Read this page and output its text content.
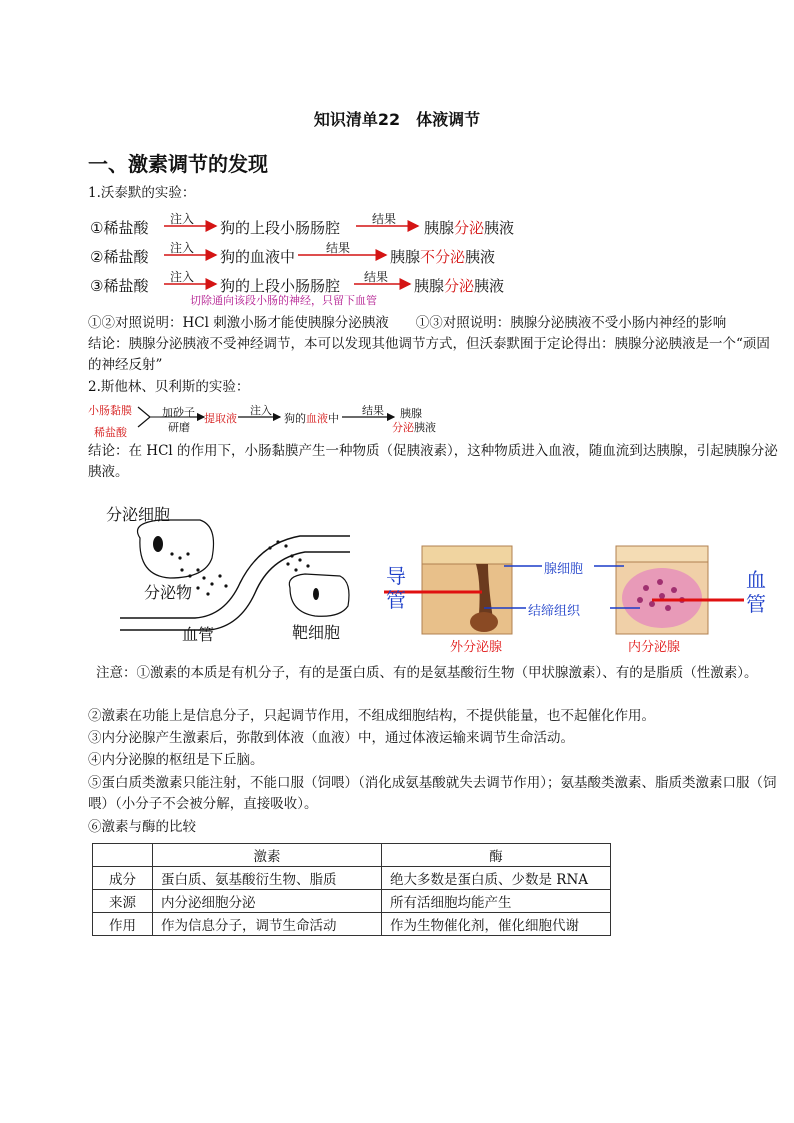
知识清单22　体液调节
一、激素调节的发现
1.沃泰默的实验：
①稀盐酸 注入 狗的上段小肠肠腔	结果 胰腺分泌胰液
②稀盐酸 注入 狗的血液中	结果	胰腺不分泌胰液
③稀盐酸 注入 狗的上段小肠肠腔 结果 胰腺分泌胰液
切除通向该段小肠的神经，只留下血管
①②对照说明：HCl 刺激小肠才能使胰腺分泌胰液　　①③对照说明：胰腺分泌胰液不受小肠内神经的影响
结论：胰腺分泌胰液不受神经调节，本可以发现其他调节方式，但沃泰默囿于定论得出：胰腺分泌胰液是一个“顽固的神经反射”
2.斯他林、贝利斯的实验：
小肠黏膜
稀盐酸
加砂子
研磨
提取液
注入
狗的血液中
结果 胰腺
分泌胰液
结论：在 HCl 的作用下，小肠黏膜产生一种物质（促胰液素），这种物质进入血液，随血流到达胰腺，引起胰腺分泌胰液。
分泌细胞
分泌物
血管	靶细胞
导管
腺细胞
结缔组织
外分泌腺	内分泌腺
血管
注意：①激素的本质是有机分子，有的是蛋白质、有的是氨基酸衍生物（甲状腺激素）、有的是脂质（性激素）。
②激素在功能上是信息分子，只起调节作用，不组成细胞结构，不提供能量，也不起催化作用。
③内分泌腺产生激素后，弥散到体液（血液）中，通过体液运输来调节生命活动。
④内分泌腺的枢纽是下丘脑。
⑤蛋白质类激素只能注射，不能口服（饲喂）（消化成氨基酸就失去调节作用）；氨基酸类激素、脂质类激素口服（饲喂）（小分子不会被分解，直接吸收）。
⑥激素与酶的比较
	激素	酶
成分	蛋白质、氨基酸衍生物、脂质	绝大多数是蛋白质、少数是 RNA
来源	内分泌细胞分泌	所有活细胞均能产生
作用	作为信息分子，调节生命活动	作为生物催化剂，催化细胞代谢
